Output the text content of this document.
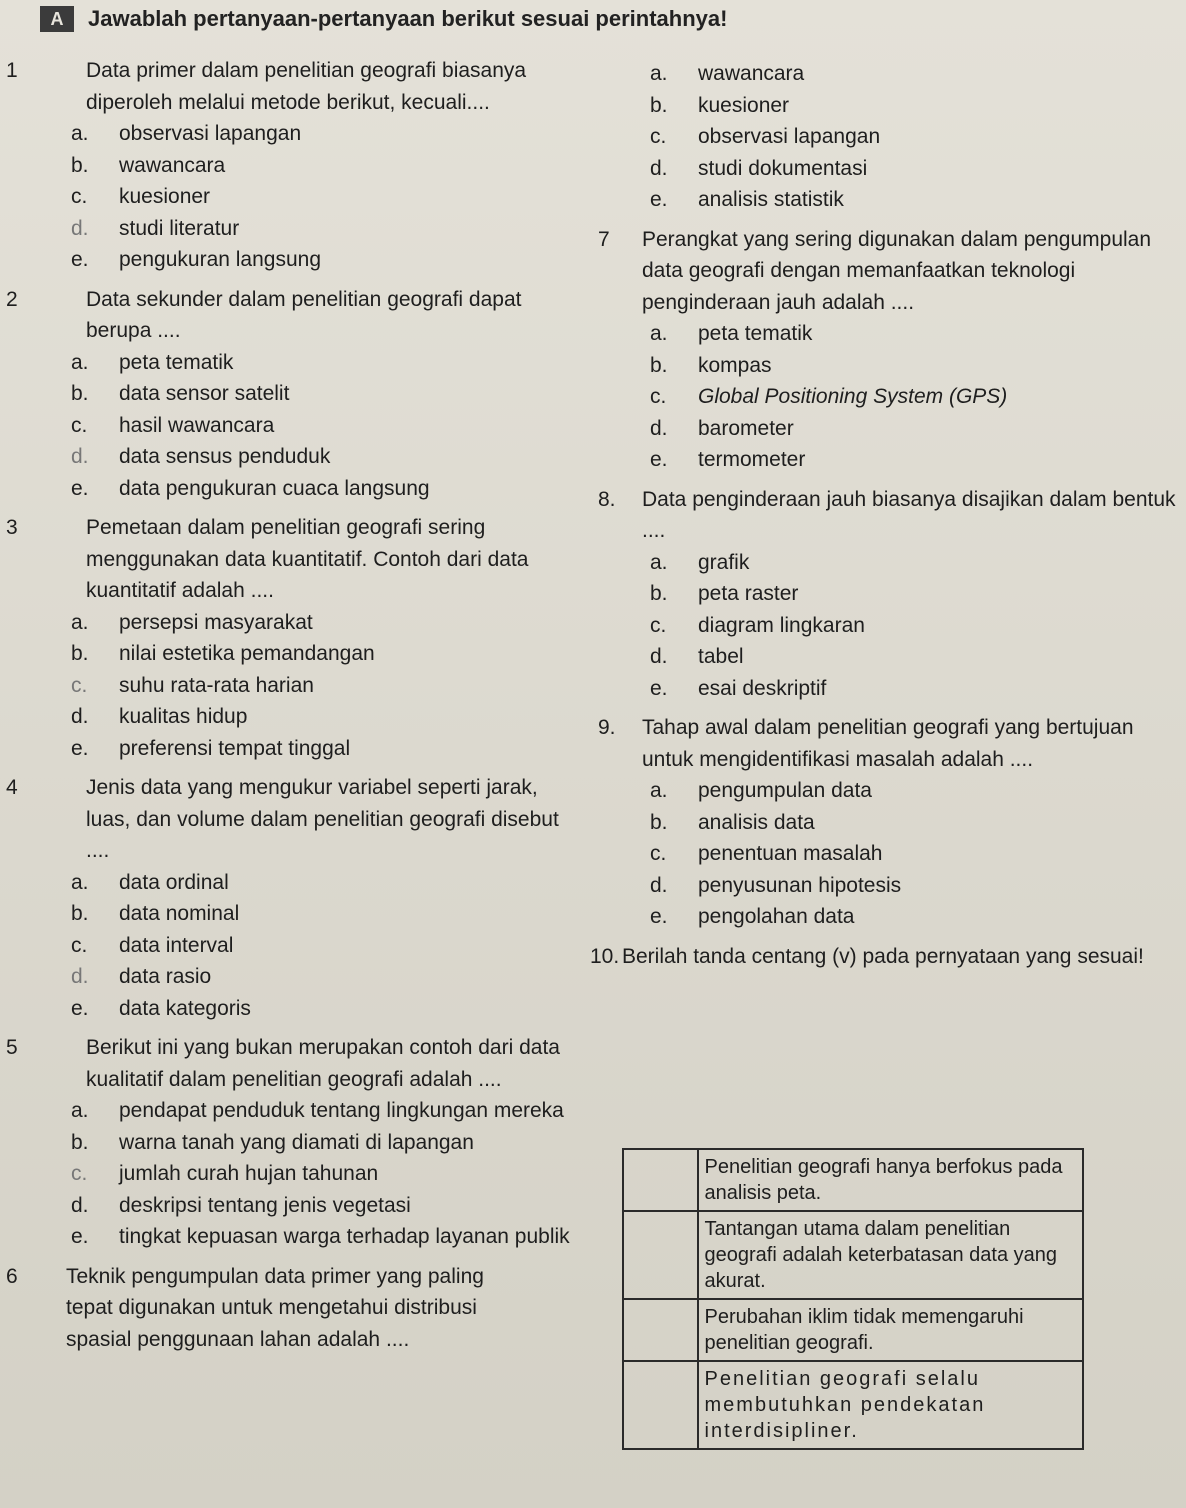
A	Jawablah pertanyaan-pertanyaan berikut sesuai perintahnya!
1	Data primer dalam penelitian geografi biasanya diperoleh melalui metode berikut, kecuali....
a.	observasi lapangan
b.	wawancara
c.	kuesioner
d.	studi literatur
e.	pengukuran langsung
2	Data sekunder dalam penelitian geografi dapat berupa ....
a.	peta tematik
b.	data sensor satelit
c.	hasil wawancara
d.	data sensus penduduk
e.	data pengukuran cuaca langsung
3	Pemetaan dalam penelitian geografi sering menggunakan data kuantitatif. Contoh dari data kuantitatif adalah ....
a.	persepsi masyarakat
b.	nilai estetika pemandangan
c.	suhu rata-rata harian
d.	kualitas hidup
e.	preferensi tempat tinggal
4	Jenis data yang mengukur variabel seperti jarak, luas, dan volume dalam penelitian geografi disebut ....
a.	data ordinal
b.	data nominal
c.	data interval
d.	data rasio
e.	data kategoris
5	Berikut ini yang bukan merupakan contoh dari data kualitatif dalam penelitian geografi adalah ....
a.	pendapat penduduk tentang lingkungan mereka
b.	warna tanah yang diamati di lapangan
c.	jumlah curah hujan tahunan
d.	deskripsi tentang jenis vegetasi
e.	tingkat kepuasan warga terhadap layanan publik
6	Teknik pengumpulan data primer yang paling tepat digunakan untuk mengetahui distribusi spasial penggunaan lahan adalah ....
a.	wawancara
b.	kuesioner
c.	observasi lapangan
d.	studi dokumentasi
e.	analisis statistik
7	Perangkat yang sering digunakan dalam pengumpulan data geografi dengan memanfaatkan teknologi penginderaan jauh adalah ....
a.	peta tematik
b.	kompas
c.	Global Positioning System (GPS)
d.	barometer
e.	termometer
8.	Data penginderaan jauh biasanya disajikan dalam bentuk ....
a.	grafik
b.	peta raster
c.	diagram lingkaran
d.	tabel
e.	esai deskriptif
9.	Tahap awal dalam penelitian geografi yang bertujuan untuk mengidentifikasi masalah adalah ....
a.	pengumpulan data
b.	analisis data
c.	penentuan masalah
d.	penyusunan hipotesis
e.	pengolahan data
10. Berilah tanda centang (v) pada pernyataan yang sesuai!
	Penelitian geografi hanya berfokus pada analisis peta.
	Tantangan utama dalam penelitian geografi adalah keterbatasan data yang akurat.
	Perubahan iklim tidak memengaruhi penelitian geografi.
	Penelitian geografi selalu membutuhkan pendekatan interdisipliner.
